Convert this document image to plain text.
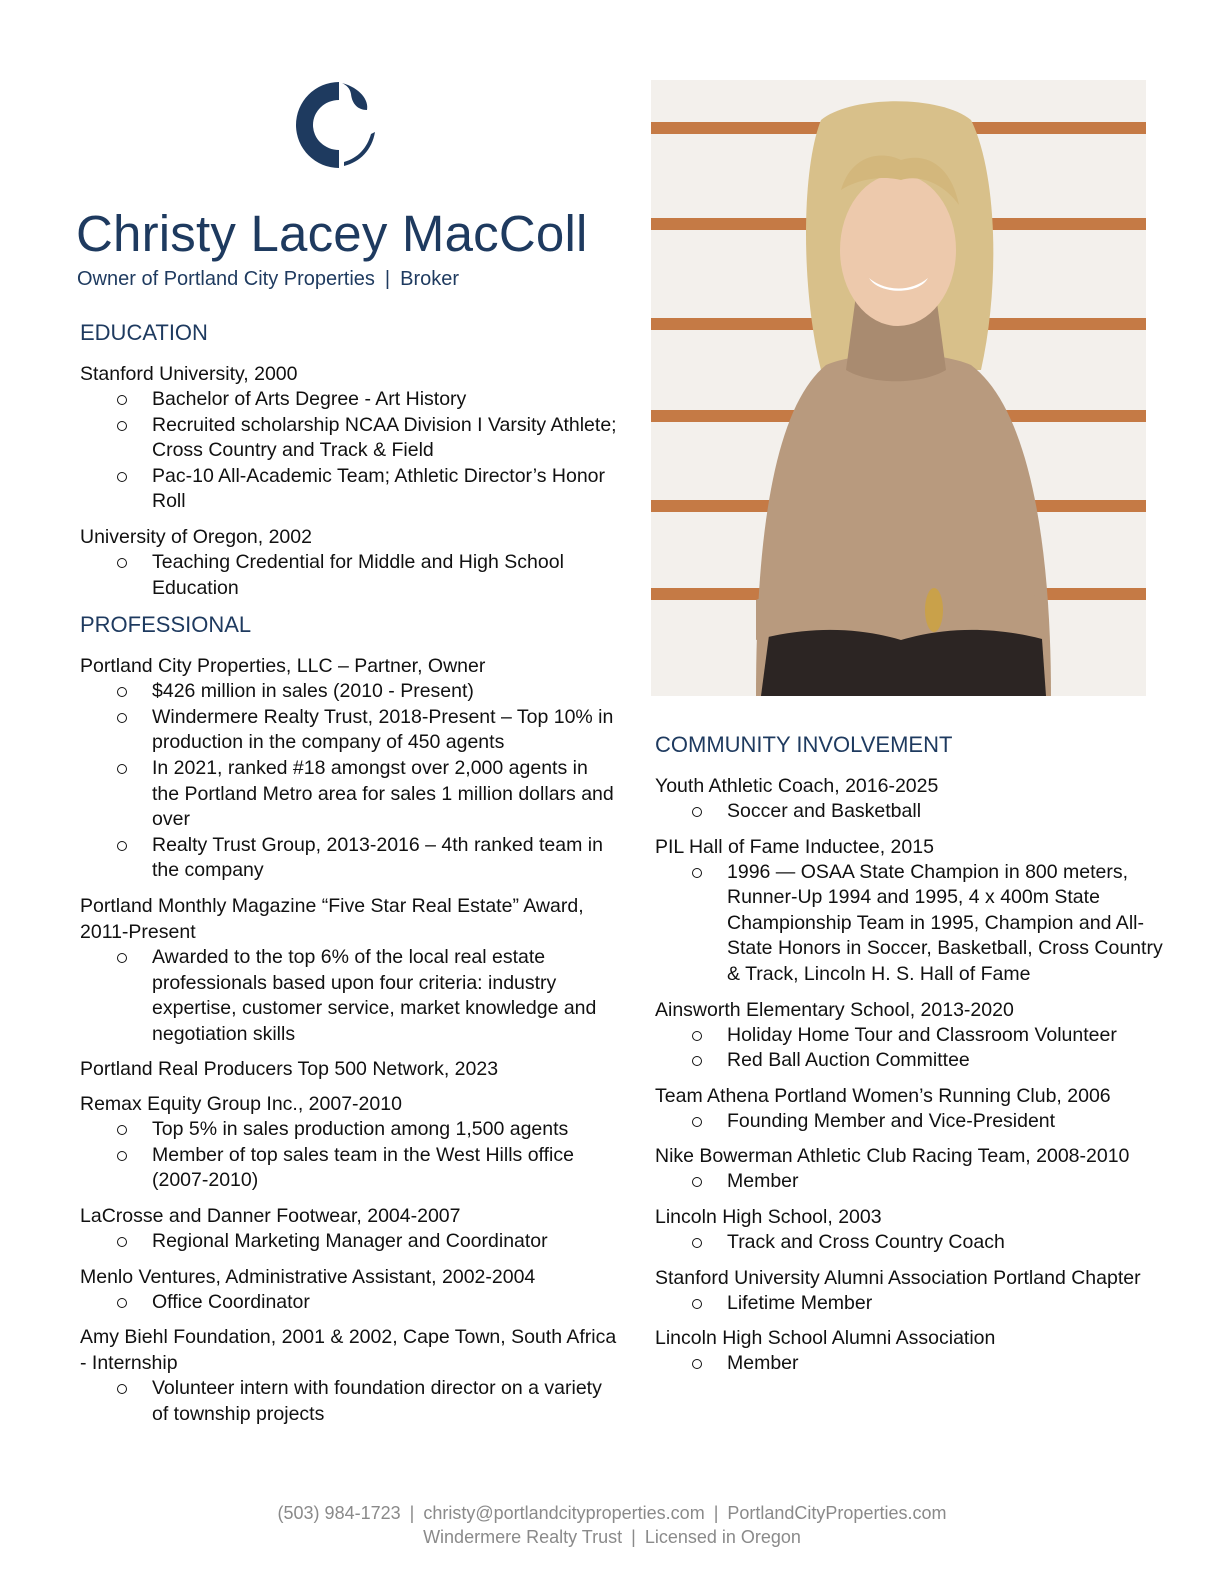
Christy Lacey MacColl
Owner of Portland City Properties | Broker
EDUCATION
Stanford University, 2000
Bachelor of Arts Degree - Art History
Recruited scholarship NCAA Division I Varsity Athlete; Cross Country and Track & Field
Pac-10 All-Academic Team; Athletic Director’s Honor Roll
University of Oregon, 2002
Teaching Credential for Middle and High School Education
PROFESSIONAL
Portland City Properties, LLC – Partner, Owner
$426 million in sales (2010 - Present)
Windermere Realty Trust, 2018-Present – Top 10% in production in the company of 450 agents
In 2021, ranked #18 amongst over 2,000 agents in the Portland Metro area for sales 1 million dollars and over
Realty Trust Group, 2013-2016 – 4th ranked team in the company
Portland Monthly Magazine “Five Star Real Estate” Award, 2011-Present
Awarded to the top 6% of the local real estate professionals based upon four criteria: industry expertise, customer service, market knowledge and negotiation skills
Portland Real Producers Top 500 Network, 2023
Remax Equity Group Inc., 2007-2010
Top 5% in sales production among 1,500 agents
Member of top sales team in the West Hills office (2007-2010)
LaCrosse and Danner Footwear, 2004-2007
Regional Marketing Manager and Coordinator
Menlo Ventures, Administrative Assistant, 2002-2004
Office Coordinator
Amy Biehl Foundation, 2001 & 2002, Cape Town, South Africa - Internship
Volunteer intern with foundation director on a variety of township projects
COMMUNITY INVOLVEMENT
Youth Athletic Coach, 2016-2025
Soccer and Basketball
PIL Hall of Fame Inductee, 2015
1996 — OSAA State Champion in 800 meters, Runner-Up 1994 and 1995, 4 x 400m State Championship Team in 1995, Champion and All-State Honors in Soccer, Basketball, Cross Country & Track, Lincoln H. S. Hall of Fame
Ainsworth Elementary School, 2013-2020
Holiday Home Tour and Classroom Volunteer
Red Ball Auction Committee
Team Athena Portland Women’s Running Club, 2006
Founding Member and Vice-President
Nike Bowerman Athletic Club Racing Team, 2008-2010
Member
Lincoln High School, 2003
Track and Cross Country Coach
Stanford University Alumni Association Portland Chapter
Lifetime Member
Lincoln High School Alumni Association
Member
(503) 984-1723 | christy@portlandcityproperties.com | PortlandCityProperties.com
Windermere Realty Trust | Licensed in Oregon
